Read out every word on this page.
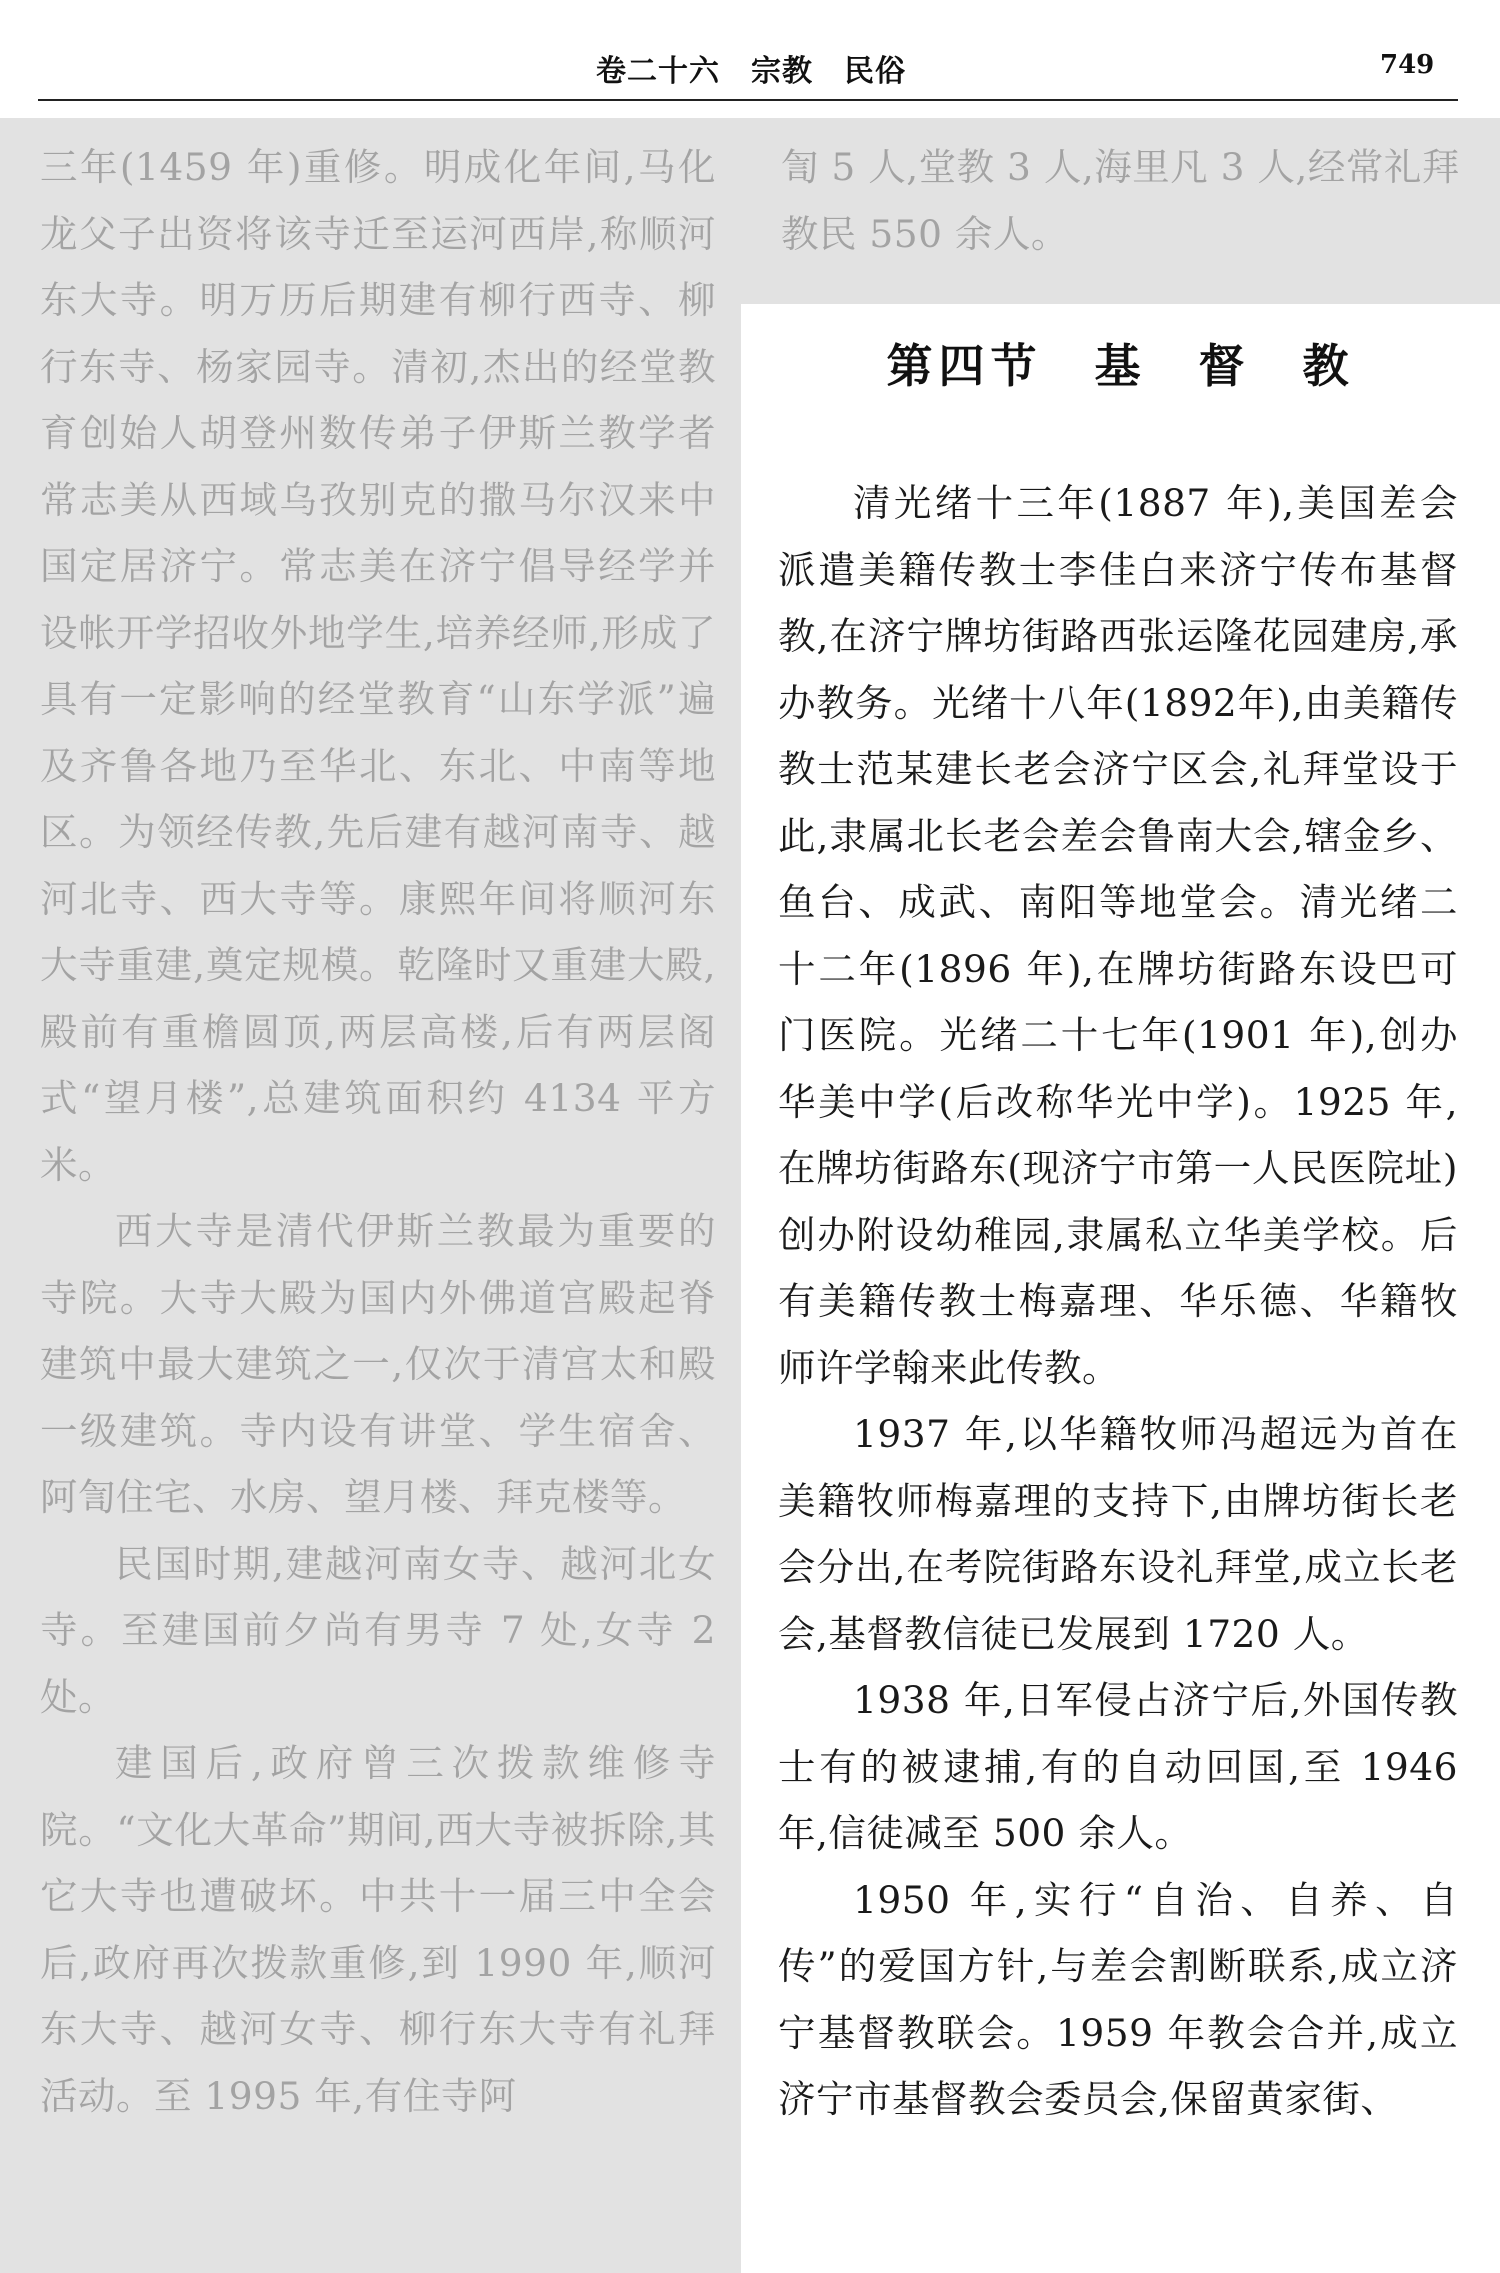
卷二十六　宗教　民俗	749

三年(1459 年)重修。明成化年间,马化龙父子出资将该寺迁至运河西岸,称顺河东大寺。明万历后期建有柳行西寺、柳行东寺、杨家园寺。清初,杰出的经堂教育创始人胡登州数传弟子伊斯兰教学者常志美从西域乌孜别克的撒马尔汉来中国定居济宁。常志美在济宁倡导经学并设帐开学招收外地学生,培养经师,形成了具有一定影响的经堂教育“山东学派”遍及齐鲁各地乃至华北、东北、中南等地区。为领经传教,先后建有越河南寺、越河北寺、西大寺等。康熙年间将顺河东大寺重建,奠定规模。乾隆时又重建大殿,殿前有重檐圆顶,两层高楼,后有两层阁式“望月楼”,总建筑面积约 4134 平方米。

西大寺是清代伊斯兰教最为重要的寺院。大寺大殿为国内外佛道宫殿起脊建筑中最大建筑之一,仅次于清宫太和殿一级建筑。寺内设有讲堂、学生宿舍、阿訇住宅、水房、望月楼、拜克楼等。

民国时期,建越河南女寺、越河北女寺。至建国前夕尚有男寺 7 处,女寺 2 处。

建国后,政府曾三次拨款维修寺院。“文化大革命”期间,西大寺被拆除,其它大寺也遭破坏。中共十一届三中全会后,政府再次拨款重修,到 1990 年,顺河东大寺、越河女寺、柳行东大寺有礼拜活动。至 1995 年,有住寺阿

訇 5 人,堂教 3 人,海里凡 3 人,经常礼拜教民 550 余人。
第四节　基　督　教

清光绪十三年(1887 年),美国差会派遣美籍传教士李佳白来济宁传布基督教,在济宁牌坊街路西张运隆花园建房,承办教务。光绪十八年(1892年),由美籍传教士范某建长老会济宁区会,礼拜堂设于此,隶属北长老会差会鲁南大会,辖金乡、鱼台、成武、南阳等地堂会。清光绪二十二年(1896 年),在牌坊街路东设巴可门医院。光绪二十七年(1901 年),创办华美中学(后改称华光中学)。1925 年,在牌坊街路东(现济宁市第一人民医院址)创办附设幼稚园,隶属私立华美学校。后有美籍传教士梅嘉理、华乐德、华籍牧师许学翰来此传教。

1937 年,以华籍牧师冯超远为首在美籍牧师梅嘉理的支持下,由牌坊街长老会分出,在考院街路东设礼拜堂,成立长老会,基督教信徒已发展到 1720 人。

1938 年,日军侵占济宁后,外国传教士有的被逮捕,有的自动回国,至 1946 年,信徒减至 500 余人。

1950 年,实行“自治、自养、自传”的爱国方针,与差会割断联系,成立济宁基督教联会。1959 年教会合并,成立济宁市基督教会委员会,保留黄家街、
